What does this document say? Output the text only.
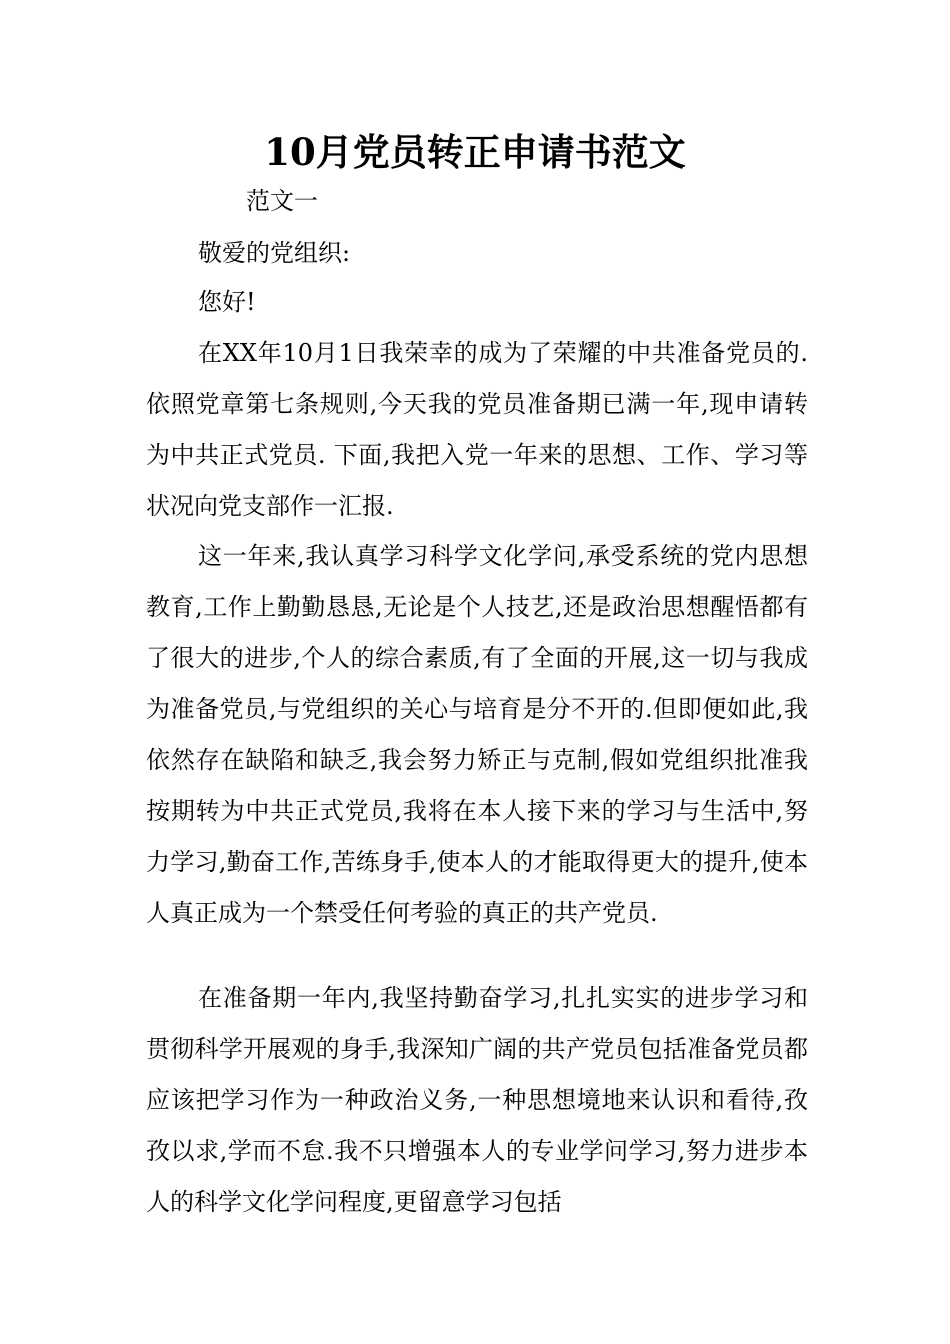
10月党员转正申请书范文
范文一
敬爱的党组织:
您好!

在XX年10月1日我荣幸的成为了荣耀的中共准备党员的.依照党章第七条规则,今天我的党员准备期已满一年,现申请转为中共正式党员. 下面,我把入党一年来的思想、工作、学习等状况向党支部作一汇报.

这一年来,我认真学习科学文化学问,承受系统的党内思想教育,工作上勤勤恳恳,无论是个人技艺,还是政治思想醒悟都有了很大的进步,个人的综合素质,有了全面的开展,这一切与我成为准备党员,与党组织的关心与培育是分不开的.但即便如此,我依然存在缺陷和缺乏,我会努力矫正与克制,假如党组织批准我按期转为中共正式党员,我将在本人接下来的学习与生活中,努力学习,勤奋工作,苦练身手,使本人的才能取得更大的提升,使本人真正成为一个禁受任何考验的真正的共产党员.

在准备期一年内,我坚持勤奋学习,扎扎实实的进步学习和贯彻科学开展观的身手,我深知广阔的共产党员包括准备党员都应该把学习作为一种政治义务,一种思想境地来认识和看待,孜孜以求,学而不怠.我不只增强本人的专业学问学习,努力进步本人的科学文化学问程度,更留意学习包括
